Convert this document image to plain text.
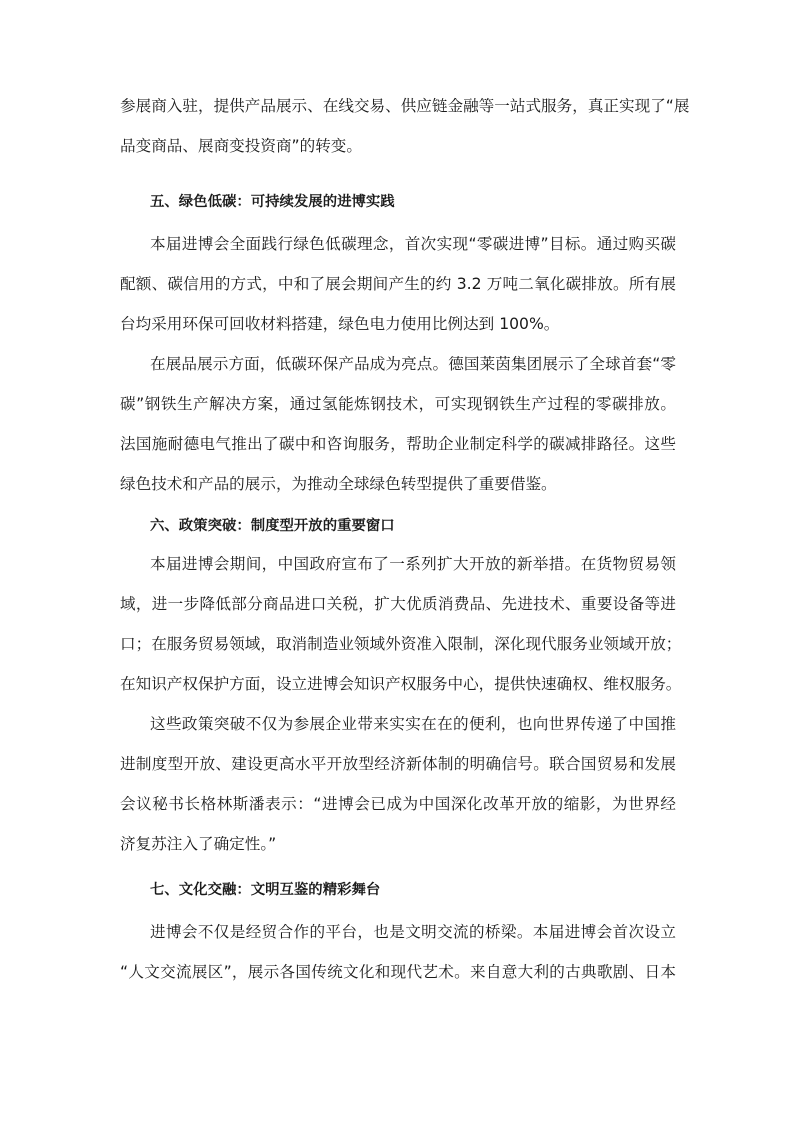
参展商入驻，提供产品展示、在线交易、供应链金融等一站式服务，真正实现了“展
品变商品、展商变投资商”的转变。
五、绿色低碳：可持续发展的进博实践
本届进博会全面践行绿色低碳理念，首次实现“零碳进博”目标。通过购买碳
配额、碳信用的方式，中和了展会期间产生的约 3.2 万吨二氧化碳排放。所有展
台均采用环保可回收材料搭建，绿色电力使用比例达到 100%。
在展品展示方面，低碳环保产品成为亮点。德国莱茵集团展示了全球首套“零
碳”钢铁生产解决方案，通过氢能炼钢技术，可实现钢铁生产过程的零碳排放。
法国施耐德电气推出了碳中和咨询服务，帮助企业制定科学的碳减排路径。这些
绿色技术和产品的展示，为推动全球绿色转型提供了重要借鉴。
六、政策突破：制度型开放的重要窗口
本届进博会期间，中国政府宣布了一系列扩大开放的新举措。在货物贸易领
域，进一步降低部分商品进口关税，扩大优质消费品、先进技术、重要设备等进
口；在服务贸易领域，取消制造业领域外资准入限制，深化现代服务业领域开放；
在知识产权保护方面，设立进博会知识产权服务中心，提供快速确权、维权服务。
这些政策突破不仅为参展企业带来实实在在的便利，也向世界传递了中国推
进制度型开放、建设更高水平开放型经济新体制的明确信号。联合国贸易和发展
会议秘书长格林斯潘表示：“进博会已成为中国深化改革开放的缩影，为世界经
济复苏注入了确定性。”
七、文化交融：文明互鉴的精彩舞台
进博会不仅是经贸合作的平台，也是文明交流的桥梁。本届进博会首次设立
“人文交流展区”，展示各国传统文化和现代艺术。来自意大利的古典歌剧、日本
